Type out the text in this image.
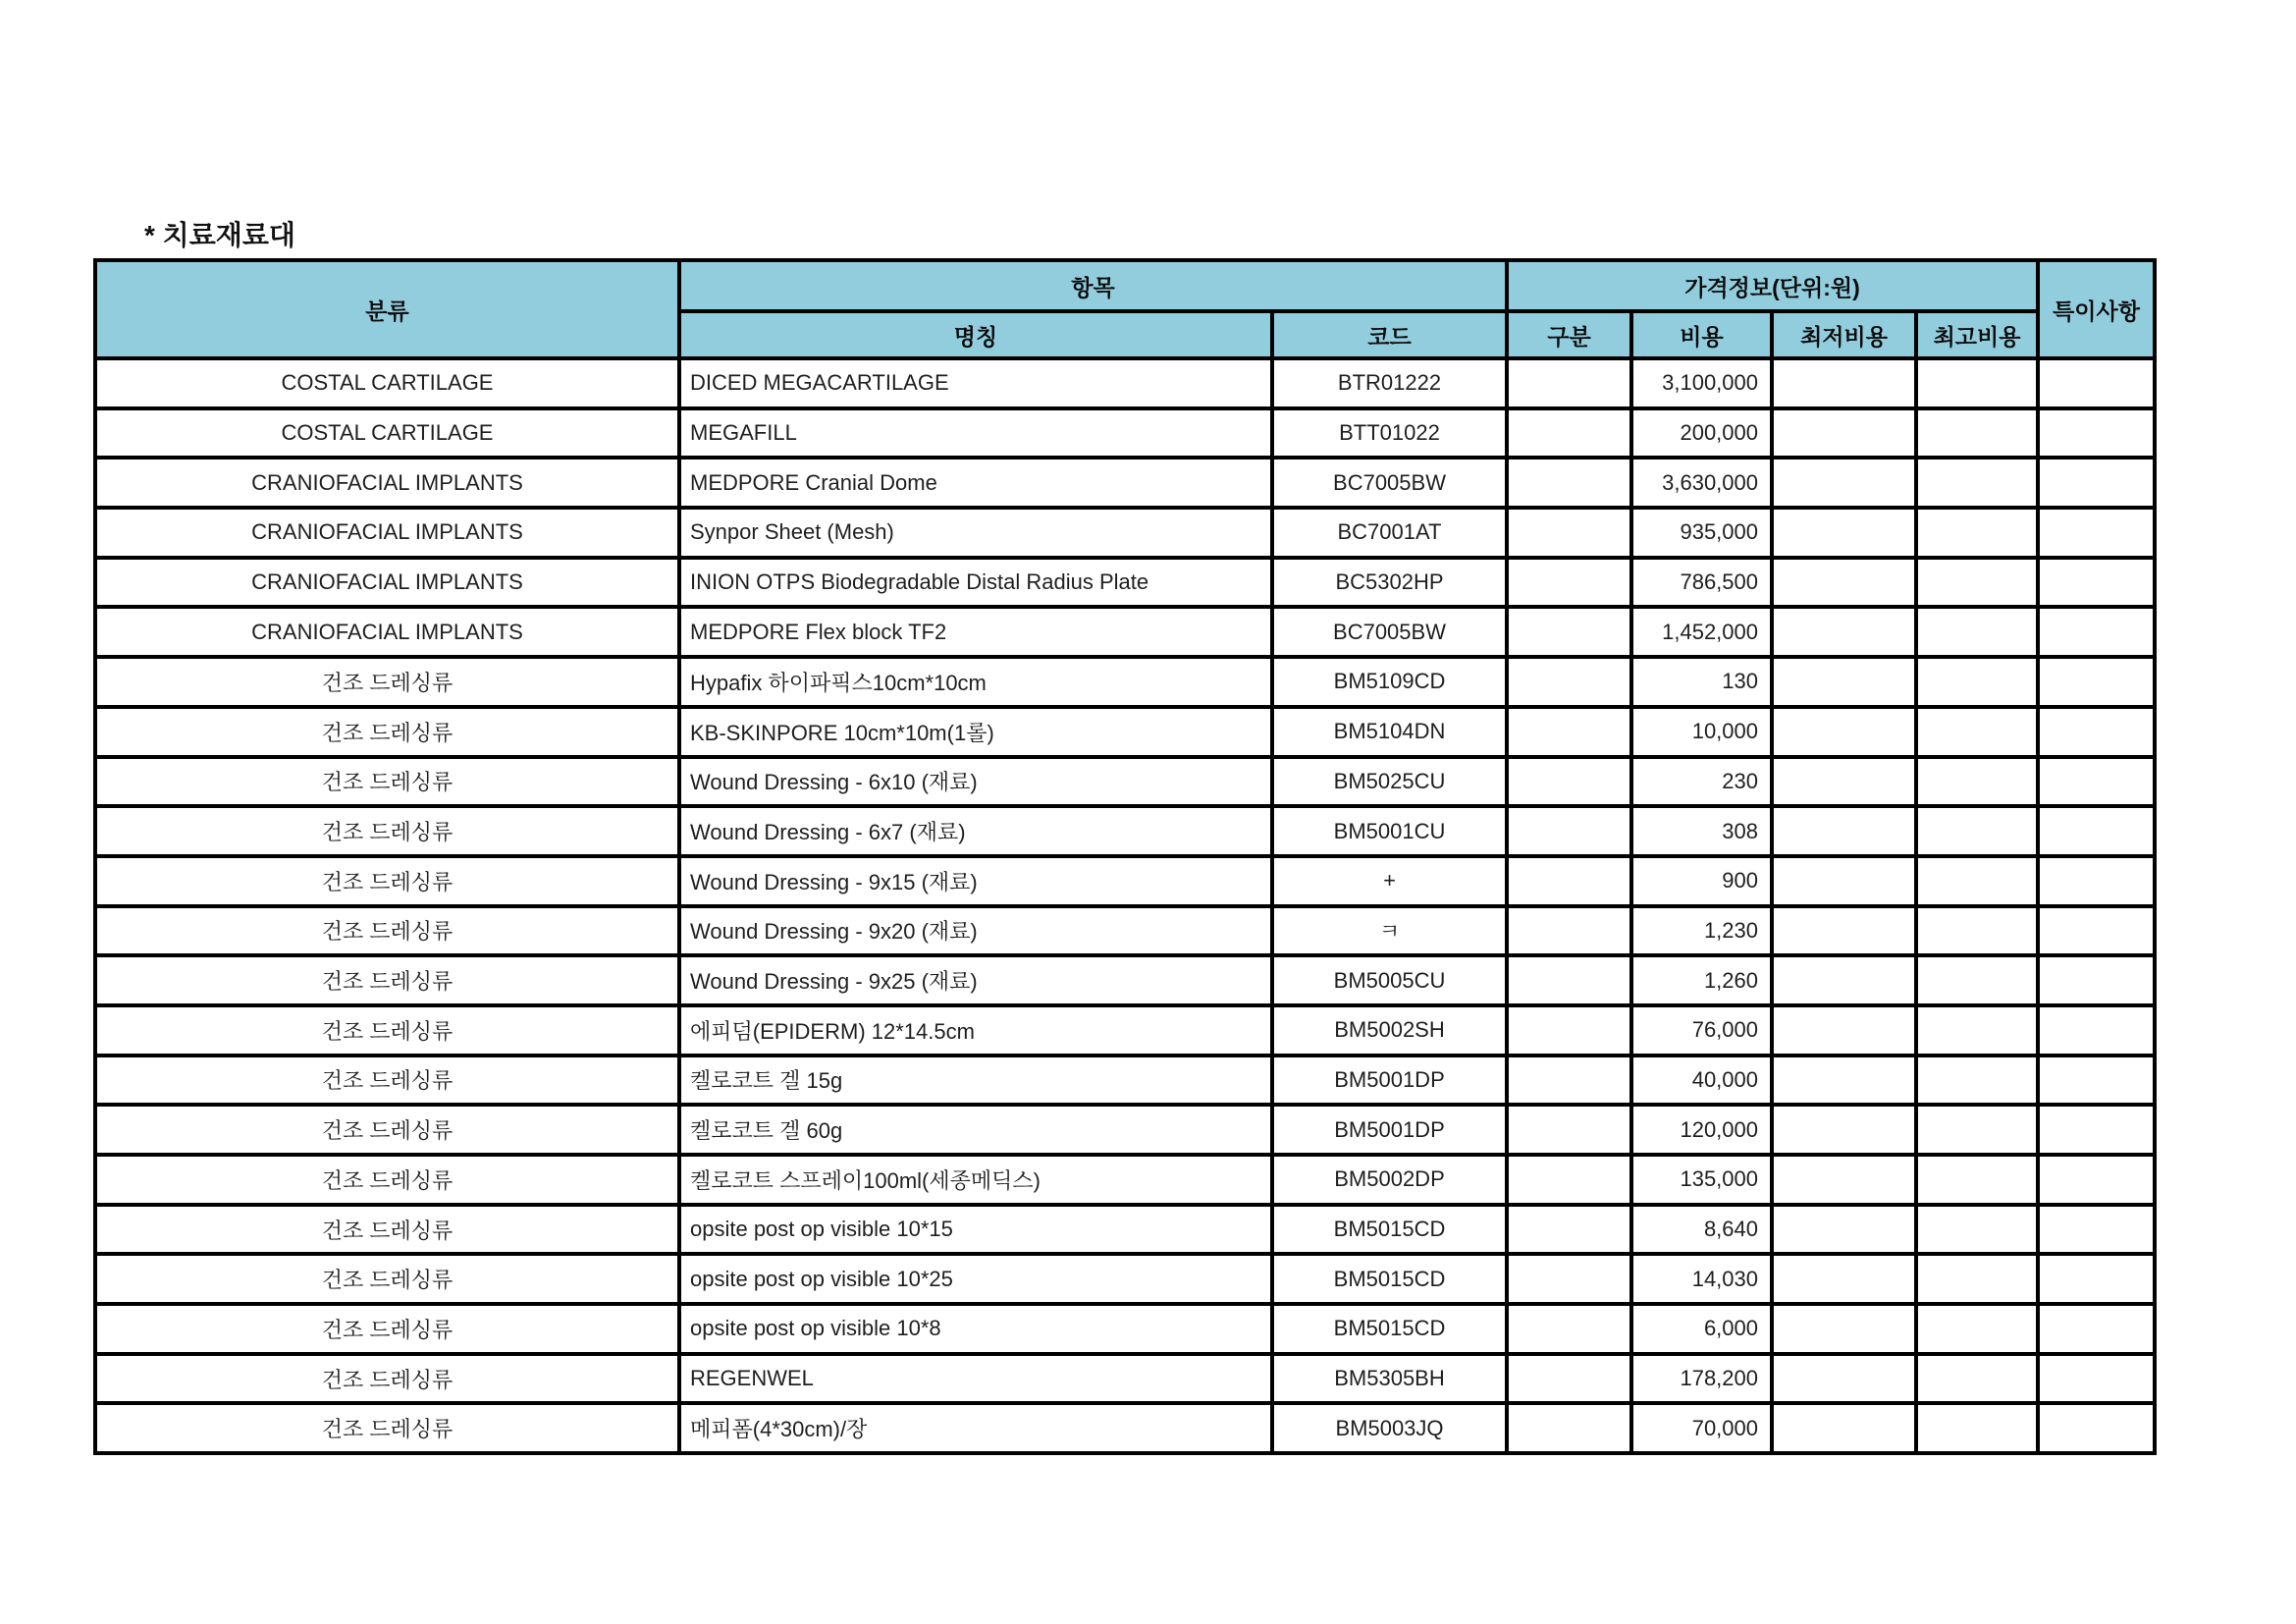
* 치료재료대
분류	항목		가격정보(단위:원)				특이사항
	명칭	코드	구분	비용	최저비용	최고비용	
COSTAL CARTILAGE	DICED MEGACARTILAGE	BTR01222		3,100,000			
COSTAL CARTILAGE	MEGAFILL	BTT01022		200,000			
CRANIOFACIAL IMPLANTS	MEDPORE Cranial Dome	BC7005BW		3,630,000			
CRANIOFACIAL IMPLANTS	Synpor Sheet (Mesh)	BC7001AT		935,000			
CRANIOFACIAL IMPLANTS	INION OTPS Biodegradable Distal Radius Plate	BC5302HP		786,500			
CRANIOFACIAL IMPLANTS	MEDPORE Flex block TF2	BC7005BW		1,452,000			
건조 드레싱류	Hypafix 하이파픽스10cm*10cm	BM5109CD		130			
건조 드레싱류	KB-SKINPORE 10cm*10m(1롤)	BM5104DN		10,000			
건조 드레싱류	Wound Dressing - 6x10 (재료)	BM5025CU		230			
건조 드레싱류	Wound Dressing - 6x7 (재료)	BM5001CU		308			
건조 드레싱류	Wound Dressing - 9x15 (재료)	+		900			
건조 드레싱류	Wound Dressing - 9x20 (재료)	ㅋ		1,230			
건조 드레싱류	Wound Dressing - 9x25 (재료)	BM5005CU		1,260			
건조 드레싱류	에피덤(EPIDERM) 12*14.5cm	BM5002SH		76,000			
건조 드레싱류	켈로코트 겔 15g	BM5001DP		40,000			
건조 드레싱류	켈로코트 겔 60g	BM5001DP		120,000			
건조 드레싱류	켈로코트 스프레이100ml(세종메딕스)	BM5002DP		135,000			
건조 드레싱류	opsite post op visible 10*15	BM5015CD		8,640			
건조 드레싱류	opsite post op visible 10*25	BM5015CD		14,030			
건조 드레싱류	opsite post op visible 10*8	BM5015CD		6,000			
건조 드레싱류	REGENWEL	BM5305BH		178,200			
건조 드레싱류	메피폼(4*30cm)/장	BM5003JQ		70,000			
